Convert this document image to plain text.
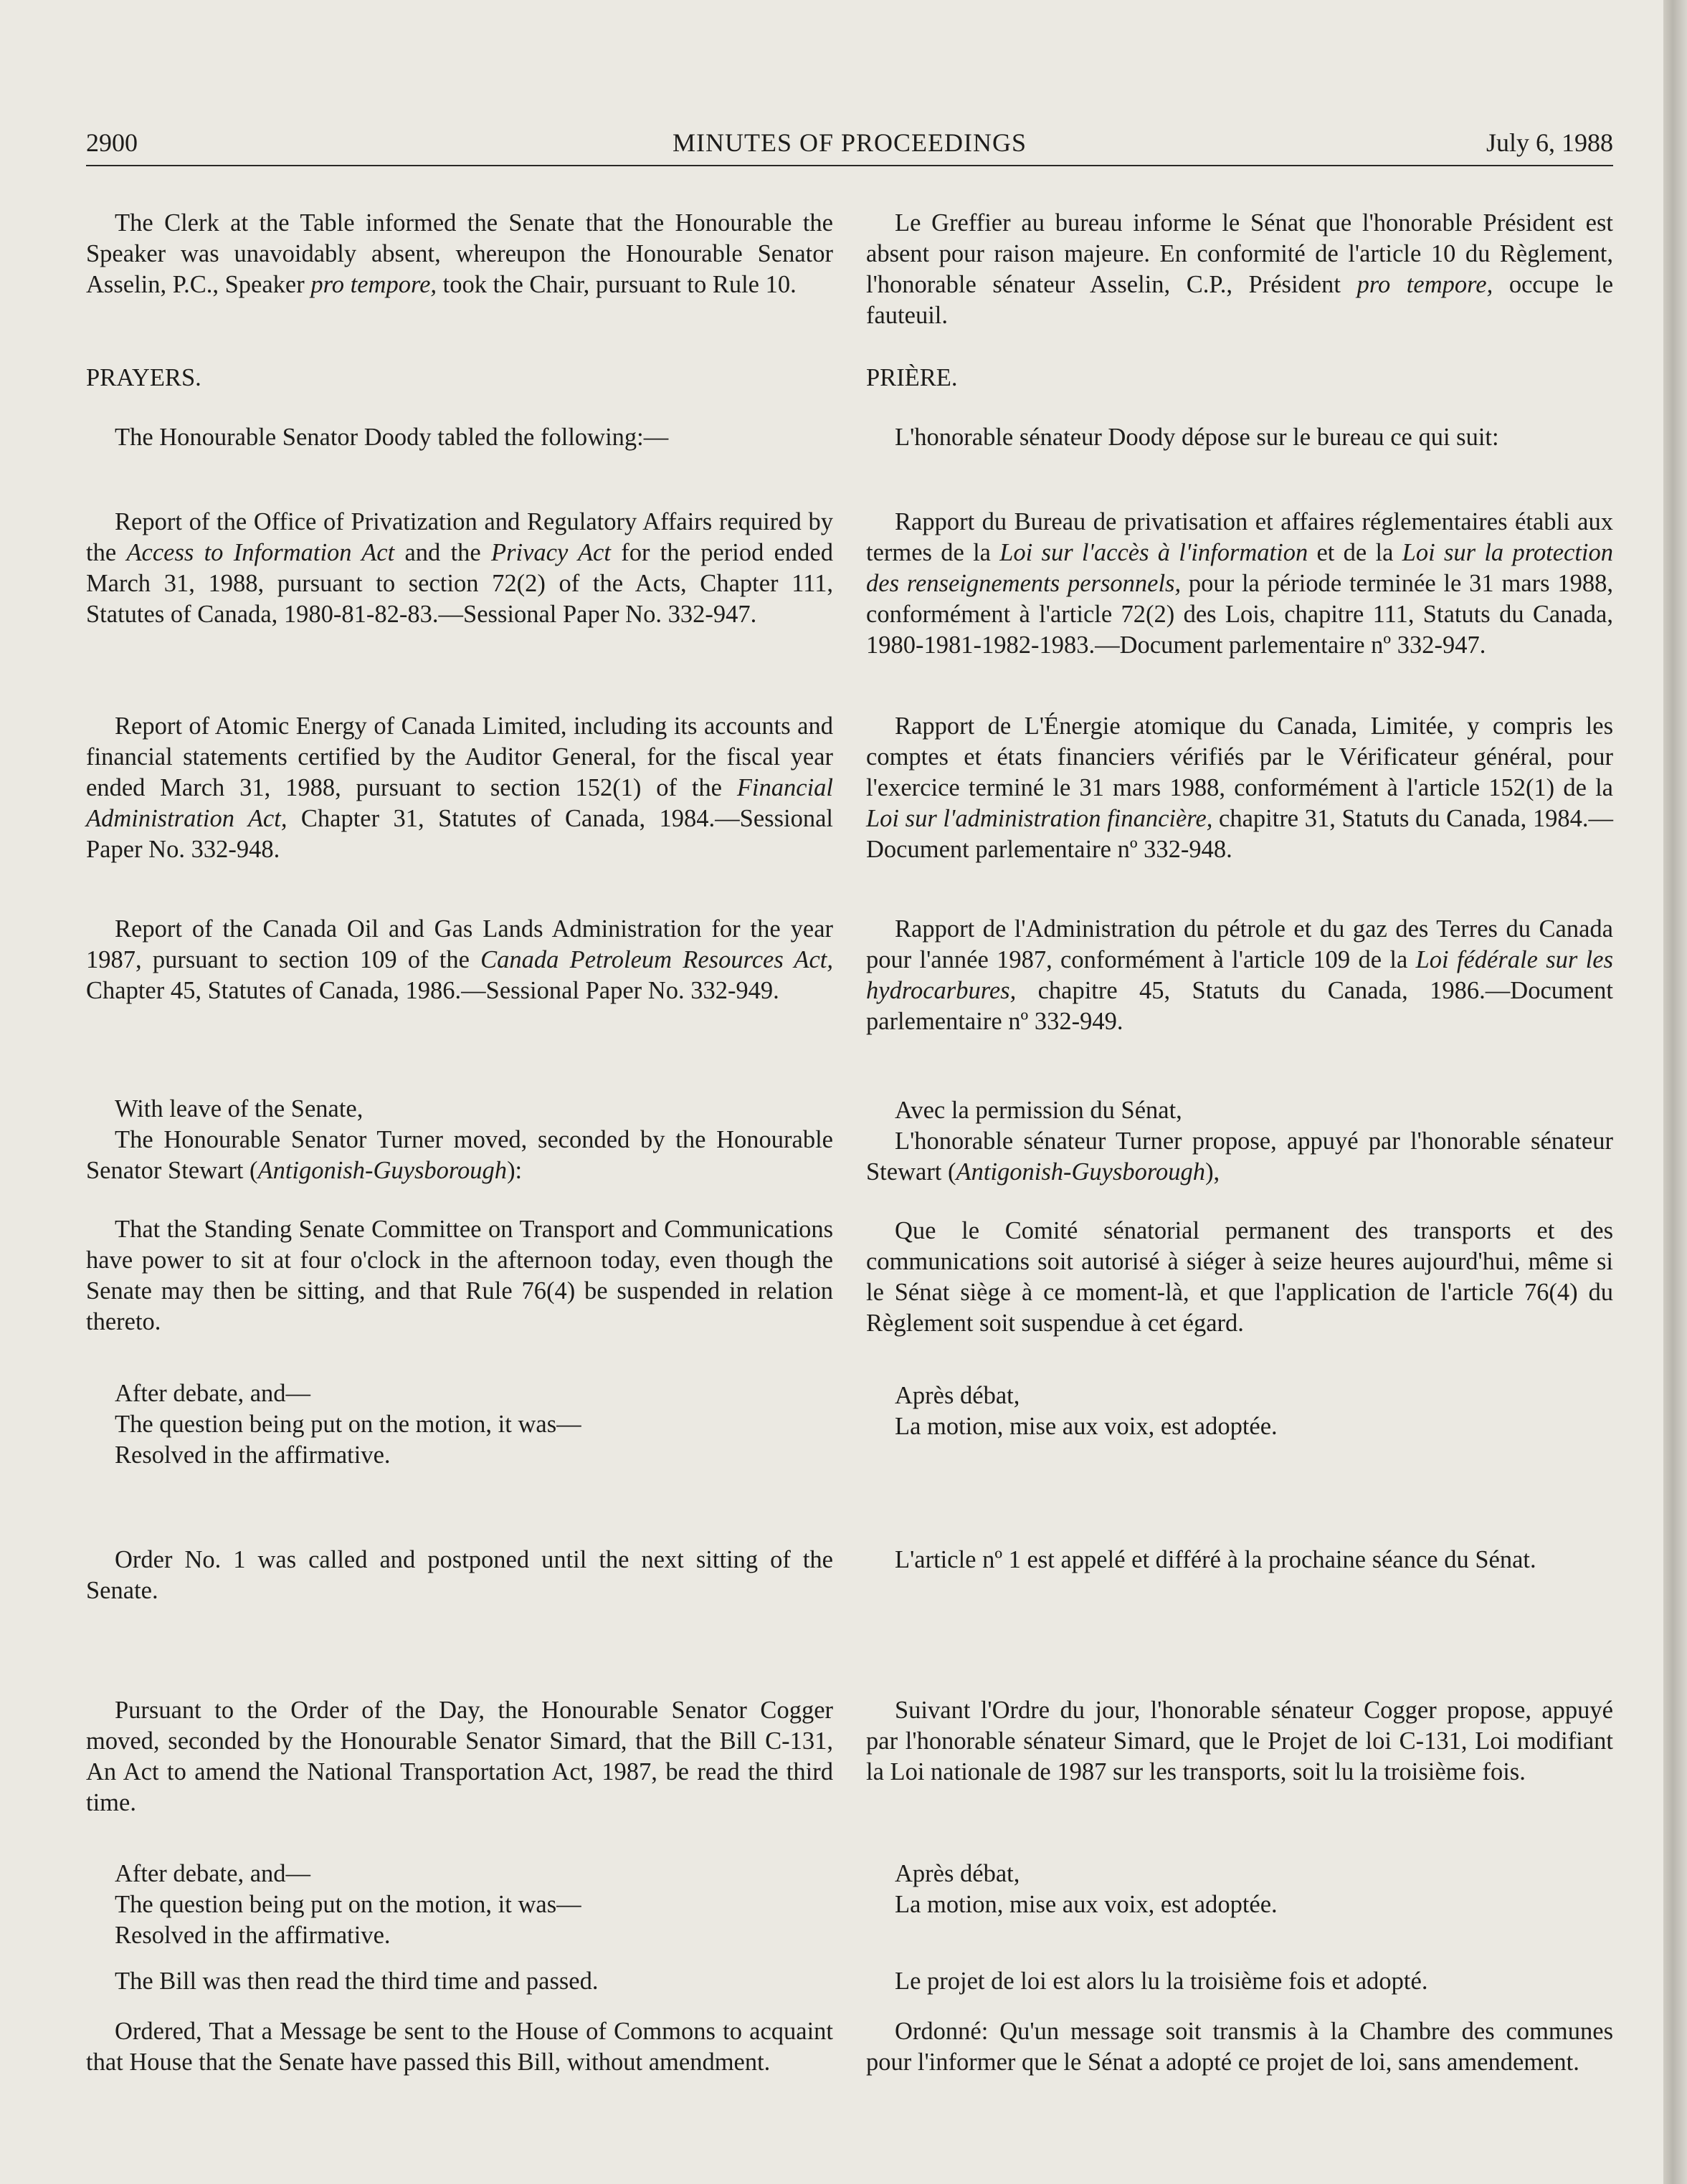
2900	MINUTES OF PROCEEDINGS	July 6, 1988

The Clerk at the Table informed the Senate that the Honourable the Speaker was unavoidably absent, whereupon the Honourable Senator Asselin, P.C., Speaker pro tempore, took the Chair, pursuant to Rule 10.

PRAYERS.

The Honourable Senator Doody tabled the following:—

Report of the Office of Privatization and Regulatory Affairs required by the Access to Information Act and the Privacy Act for the period ended March 31, 1988, pursuant to section 72(2) of the Acts, Chapter 111, Statutes of Canada, 1980-81-82-83.—Sessional Paper No. 332-947.

Report of Atomic Energy of Canada Limited, including its accounts and financial statements certified by the Auditor General, for the fiscal year ended March 31, 1988, pursuant to section 152(1) of the Financial Administration Act, Chapter 31, Statutes of Canada, 1984.—Sessional Paper No. 332-948.

Report of the Canada Oil and Gas Lands Administration for the year 1987, pursuant to section 109 of the Canada Petroleum Resources Act, Chapter 45, Statutes of Canada, 1986.—Sessional Paper No. 332-949.

With leave of the Senate,

The Honourable Senator Turner moved, seconded by the Honourable Senator Stewart (Antigonish-Guysborough):

That the Standing Senate Committee on Transport and Communications have power to sit at four o'clock in the afternoon today, even though the Senate may then be sitting, and that Rule 76(4) be suspended in relation thereto.

After debate, and—

The question being put on the motion, it was—

Resolved in the affirmative.

Order No. 1 was called and postponed until the next sitting of the Senate.

Pursuant to the Order of the Day, the Honourable Senator Cogger moved, seconded by the Honourable Senator Simard, that the Bill C-131, An Act to amend the National Transportation Act, 1987, be read the third time.

After debate, and—

The question being put on the motion, it was—

Resolved in the affirmative.

The Bill was then read the third time and passed.

Ordered, That a Message be sent to the House of Commons to acquaint that House that the Senate have passed this Bill, without amendment.

Le Greffier au bureau informe le Sénat que l'honorable Président est absent pour raison majeure. En conformité de l'article 10 du Règlement, l'honorable sénateur Asselin, C.P., Président pro tempore, occupe le fauteuil.

PRIÈRE.

L'honorable sénateur Doody dépose sur le bureau ce qui suit:

Rapport du Bureau de privatisation et affaires réglementaires établi aux termes de la Loi sur l'accès à l'information et de la Loi sur la protection des renseignements personnels, pour la période terminée le 31 mars 1988, conformément à l'article 72(2) des Lois, chapitre 111, Statuts du Canada, 1980-1981-1982-1983.—Document parlementaire nº 332-947.

Rapport de L'Énergie atomique du Canada, Limitée, y compris les comptes et états financiers vérifiés par le Vérificateur général, pour l'exercice terminé le 31 mars 1988, conformément à l'article 152(1) de la Loi sur l'administration financière, chapitre 31, Statuts du Canada, 1984.—Document parlementaire nº 332-948.

Rapport de l'Administration du pétrole et du gaz des Terres du Canada pour l'année 1987, conformément à l'article 109 de la Loi fédérale sur les hydrocarbures, chapitre 45, Statuts du Canada, 1986.—Document parlementaire nº 332-949.

Avec la permission du Sénat,

L'honorable sénateur Turner propose, appuyé par l'honorable sénateur Stewart (Antigonish-Guysborough),

Que le Comité sénatorial permanent des transports et des communications soit autorisé à siéger à seize heures aujourd'hui, même si le Sénat siège à ce moment-là, et que l'application de l'article 76(4) du Règlement soit suspendue à cet égard.

Après débat,

La motion, mise aux voix, est adoptée.

L'article nº 1 est appelé et différé à la prochaine séance du Sénat.

Suivant l'Ordre du jour, l'honorable sénateur Cogger propose, appuyé par l'honorable sénateur Simard, que le Projet de loi C-131, Loi modifiant la Loi nationale de 1987 sur les transports, soit lu la troisième fois.

Après débat,

La motion, mise aux voix, est adoptée.

Le projet de loi est alors lu la troisième fois et adopté.

Ordonné: Qu'un message soit transmis à la Chambre des communes pour l'informer que le Sénat a adopté ce projet de loi, sans amendement.
